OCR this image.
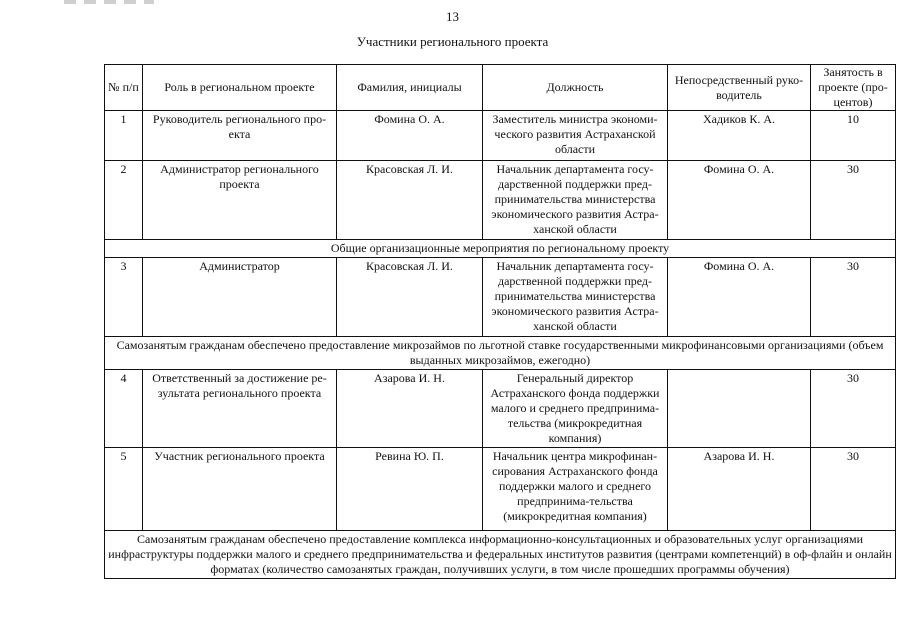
13
Участники регионального проекта
№ п/п	Роль в региональном проекте	Фамилия, инициалы	Должность	Непосредственный руко-водитель	Занятость в проекте (про-центов)
1	Руководитель регионального про-екта	Фомина О. А.	Заместитель министра экономи-ческого развития Астраханской области	Хадиков К. А.	10
2	Администратор регионального проекта	Красовская Л. И.	Начальник департамента госу-дарственной поддержки пред-принимательства министерства экономического развития Астра-ханской области	Фомина О. А.	30
Общие организационные мероприятия по региональному проекту					
3	Администратор	Красовская Л. И.	Начальник департамента госу-дарственной поддержки пред-принимательства министерства экономического развития Астра-ханской области	Фомина О. А.	30
Самозанятым гражданам обеспечено предоставление микрозаймов по льготной ставке государственными микрофинансовыми организациями (объем выданных микрозаймов, ежегодно)					
4	Ответственный за достижение ре-зультата регионального проекта	Азарова И. Н.	Генеральный директор Астраханского фонда поддержки малого и среднего предпринима-тельства (микрокредитная компания)		30
5	Участник регионального проекта	Ревина Ю. П.	Начальник центра микрофинан-сирования Астраханского фонда поддержки малого и среднего предпринима-тельства (микрокредитная компания)	Азарова И. Н.	30
Самозанятым гражданам обеспечено предоставление комплекса информационно-консультационных и образовательных услуг организациями инфраструктуры поддержки малого и среднего предпринимательства и федеральных институтов развития (центрами компетенций) в оф-флайн и онлайн форматах (количество самозанятых граждан, получивших услуги, в том числе прошедших программы обучения)					
